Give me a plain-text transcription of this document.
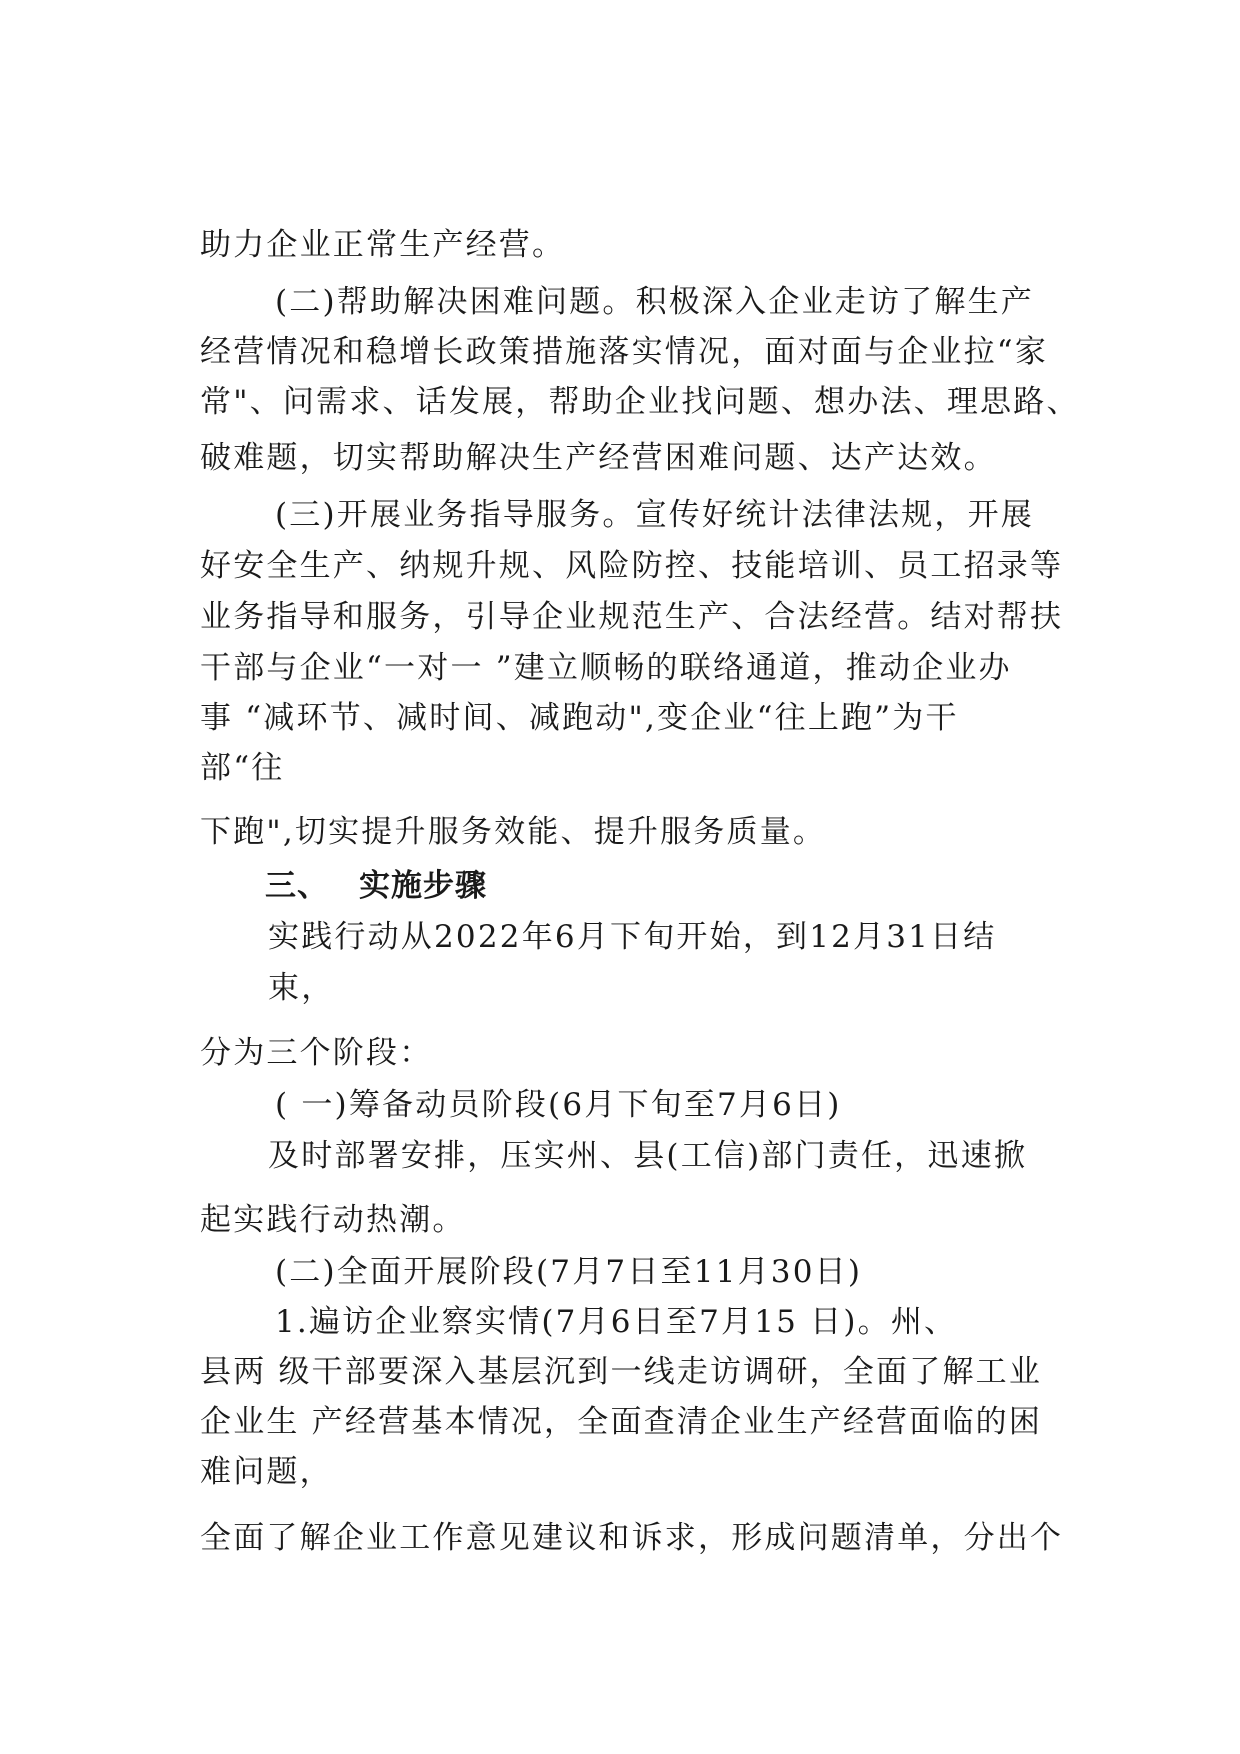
助力企业正常生产经营。
(二)帮助解决困难问题。积极深入企业走访了解生产
经营情况和稳增长政策措施落实情况，面对面与企业拉“家
常"、问需求、话发展，帮助企业找问题、想办法、理思路、
破难题，切实帮助解决生产经营困难问题、达产达效。
(三)开展业务指导服务。宣传好统计法律法规，开展
好安全生产、纳规升规、风险防控、技能培训、员工招录等
业务指导和服务，引导企业规范生产、合法经营。结对帮扶
干部与企业“一对一 ”建立顺畅的联络通道，推动企业办
事 “减环节、减时间、减跑动",变企业“往上跑”为干
部“往
下跑",切实提升服务效能、提升服务质量。
三、 实施步骤
实践行动从2022年6月下旬开始，到12月31日结
束，
分为三个阶段：
( 一)筹备动员阶段(6月下旬至7月6日)
及时部署安排，压实州、县(工信)部门责任，迅速掀
起实践行动热潮。
(二)全面开展阶段(7月7日至11月30日)
1.遍访企业察实情(7月6日至7月15 日)。州、
县两 级干部要深入基层沉到一线走访调研，全面了解工业
企业生 产经营基本情况，全面查清企业生产经营面临的困
难问题，
全面了解企业工作意见建议和诉求，形成问题清单，分出个
